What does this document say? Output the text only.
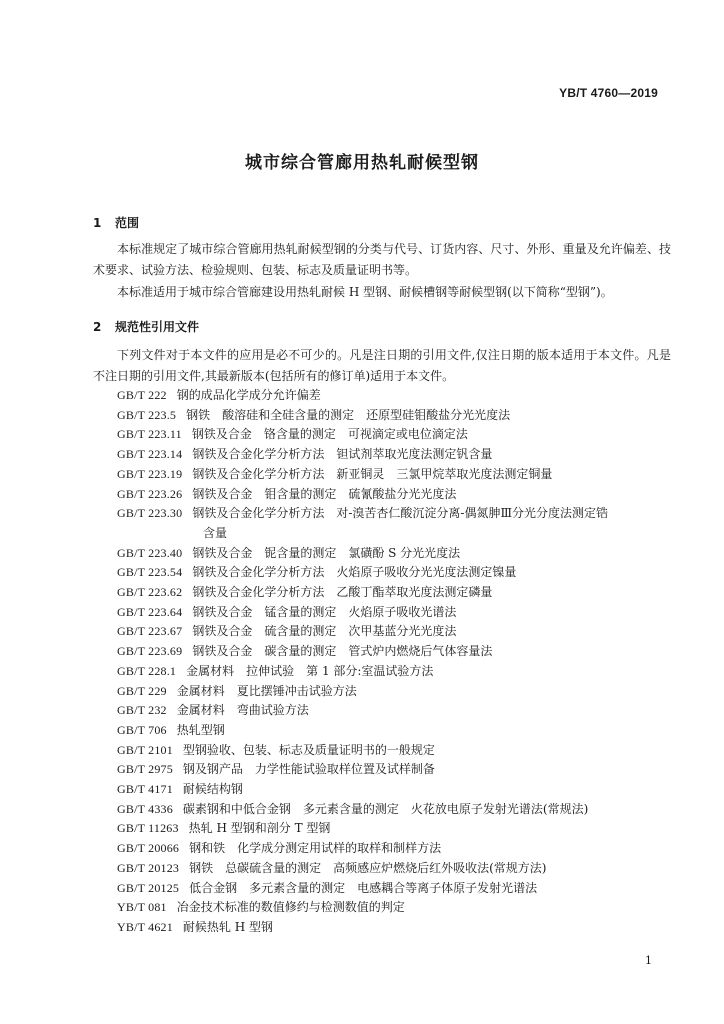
YB/T 4760—2019
城市综合管廊用热轧耐候型钢
1 范围
本标准规定了城市综合管廊用热轧耐候型钢的分类与代号、订货内容、尺寸、外形、重量及允许偏差、技术要求、试验方法、检验规则、包装、标志及质量证明书等。
本标准适用于城市综合管廊建设用热轧耐候 H 型钢、耐候槽钢等耐候型钢(以下简称“型钢”)。
2 规范性引用文件
下列文件对于本文件的应用是必不可少的。凡是注日期的引用文件,仅注日期的版本适用于本文件。凡是不注日期的引用文件,其最新版本(包括所有的修订单)适用于本文件。
GB/T 222 钢的成品化学成分允许偏差
GB/T 223.5 钢铁　酸溶硅和全硅含量的测定　还原型硅钼酸盐分光光度法
GB/T 223.11 钢铁及合金　铬含量的测定　可视滴定或电位滴定法
GB/T 223.14 钢铁及合金化学分析方法　钽试剂萃取光度法测定钒含量
GB/T 223.19 钢铁及合金化学分析方法　新亚铜灵　三氯甲烷萃取光度法测定铜量
GB/T 223.26 钢铁及合金　钼含量的测定　硫氰酸盐分光光度法
GB/T 223.30 钢铁及合金化学分析方法　对-溴苦杏仁酸沉淀分离-偶氮胂Ⅲ分光分度法测定锆
含量
GB/T 223.40 钢铁及合金　铌含量的测定　氯磺酚 S 分光光度法
GB/T 223.54 钢铁及合金化学分析方法　火焰原子吸收分光光度法测定镍量
GB/T 223.62 钢铁及合金化学分析方法　乙酸丁酯萃取光度法测定磷量
GB/T 223.64 钢铁及合金　锰含量的测定　火焰原子吸收光谱法
GB/T 223.67 钢铁及合金　硫含量的测定　次甲基蓝分光光度法
GB/T 223.69 钢铁及合金　碳含量的测定　管式炉内燃烧后气体容量法
GB/T 228.1 金属材料　拉伸试验　第 1 部分:室温试验方法
GB/T 229 金属材料　夏比摆锤冲击试验方法
GB/T 232 金属材料　弯曲试验方法
GB/T 706 热轧型钢
GB/T 2101 型钢验收、包装、标志及质量证明书的一般规定
GB/T 2975 钢及钢产品　力学性能试验取样位置及试样制备
GB/T 4171 耐候结构钢
GB/T 4336 碳素钢和中低合金钢　多元素含量的测定　火花放电原子发射光谱法(常规法)
GB/T 11263 热轧 H 型钢和剖分 T 型钢
GB/T 20066 钢和铁　化学成分测定用试样的取样和制样方法
GB/T 20123 钢铁　总碳硫含量的测定　高频感应炉燃烧后红外吸收法(常规方法)
GB/T 20125 低合金钢　多元素含量的测定　电感耦合等离子体原子发射光谱法
YB/T 081 冶金技术标准的数值修约与检测数值的判定
YB/T 4621 耐候热轧 H 型钢
1
